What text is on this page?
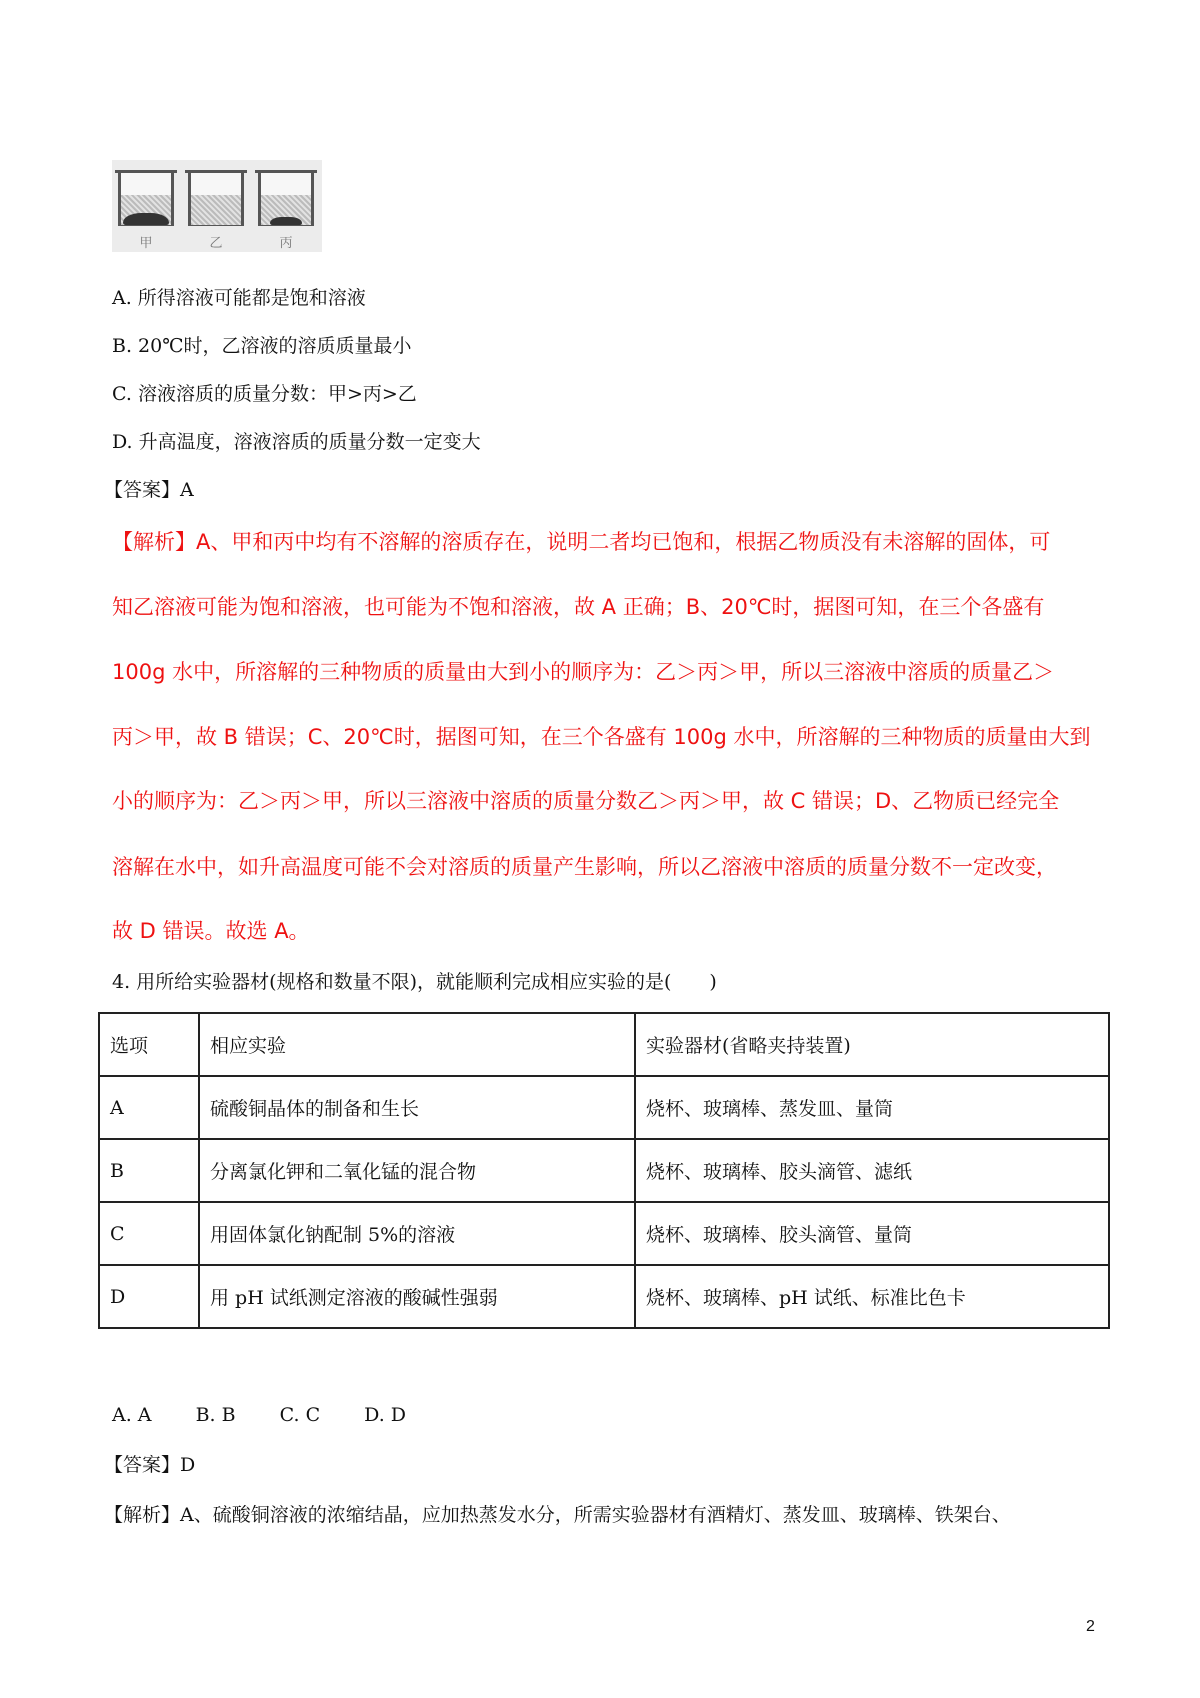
甲	乙	丙
A. 所得溶液可能都是饱和溶液
B. 20℃时，乙溶液的溶质质量最小
C. 溶液溶质的质量分数：甲>丙>乙
D. 升高温度，溶液溶质的质量分数一定变大
【答案】A
【解析】A、甲和丙中均有不溶解的溶质存在，说明二者均已饱和，根据乙物质没有未溶解的固体，可
知乙溶液可能为饱和溶液，也可能为不饱和溶液，故 A 正确；B、20℃时，据图可知，在三个各盛有
100g 水中，所溶解的三种物质的质量由大到小的顺序为：乙＞丙＞甲，所以三溶液中溶质的质量乙＞
丙＞甲，故 B 错误；C、20℃时，据图可知，在三个各盛有 100g 水中，所溶解的三种物质的质量由大到
小的顺序为：乙＞丙＞甲，所以三溶液中溶质的质量分数乙＞丙＞甲，故 C 错误；D、乙物质已经完全
溶解在水中，如升高温度可能不会对溶质的质量产生影响，所以乙溶液中溶质的质量分数不一定改变，
故 D 错误。故选 A。
4. 用所给实验器材(规格和数量不限)，就能顺利完成相应实验的是(　　)
选项	相应实验	实验器材(省略夹持装置)
A	硫酸铜晶体的制备和生长	烧杯、玻璃棒、蒸发皿、量筒
B	分离氯化钾和二氧化锰的混合物	烧杯、玻璃棒、胶头滴管、滤纸
C	用固体氯化钠配制 5%的溶液	烧杯、玻璃棒、胶头滴管、量筒
D	用 pH 试纸测定溶液的酸碱性强弱	烧杯、玻璃棒、pH 试纸、标准比色卡
A. A B. B C. C D. D
【答案】D
【解析】A、硫酸铜溶液的浓缩结晶，应加热蒸发水分，所需实验器材有酒精灯、蒸发皿、玻璃棒、铁架台、
2
